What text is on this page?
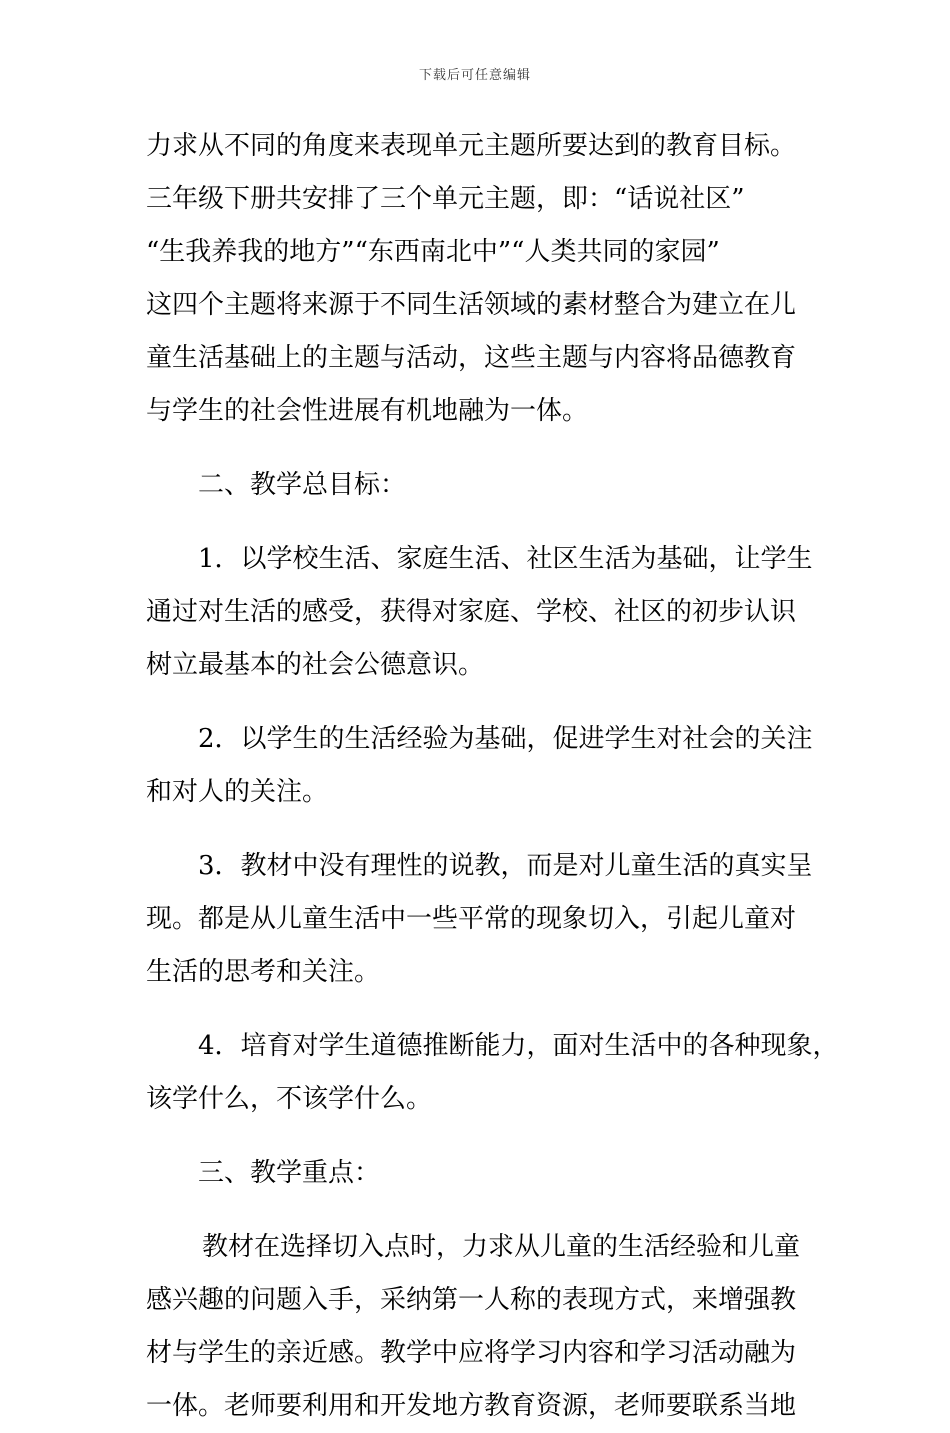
下载后可任意编辑
力求从不同的角度来表现单元主题所要达到的教育目标。
三年级下册共安排了三个单元主题，即：“话说社区”
“生我养我的地方”“东西南北中”“人类共同的家园”
这四个主题将来源于不同生活领域的素材整合为建立在儿
童生活基础上的主题与活动，这些主题与内容将品德教育
与学生的社会性进展有机地融为一体。
二、教学总目标：
1．以学校生活、家庭生活、社区生活为基础，让学生
通过对生活的感受，获得对家庭、学校、社区的初步认识
树立最基本的社会公德意识。
2．以学生的生活经验为基础，促进学生对社会的关注
和对人的关注。
3．教材中没有理性的说教，而是对儿童生活的真实呈
现。都是从儿童生活中一些平常的现象切入，引起儿童对
生活的思考和关注。
4．培育对学生道德推断能力，面对生活中的各种现象，
该学什么，不该学什么。
三、教学重点：
教材在选择切入点时，力求从儿童的生活经验和儿童
感兴趣的问题入手，采纳第一人称的表现方式，来增强教
材与学生的亲近感。教学中应将学习内容和学习活动融为
一体。老师要利用和开发地方教育资源，老师要联系当地
